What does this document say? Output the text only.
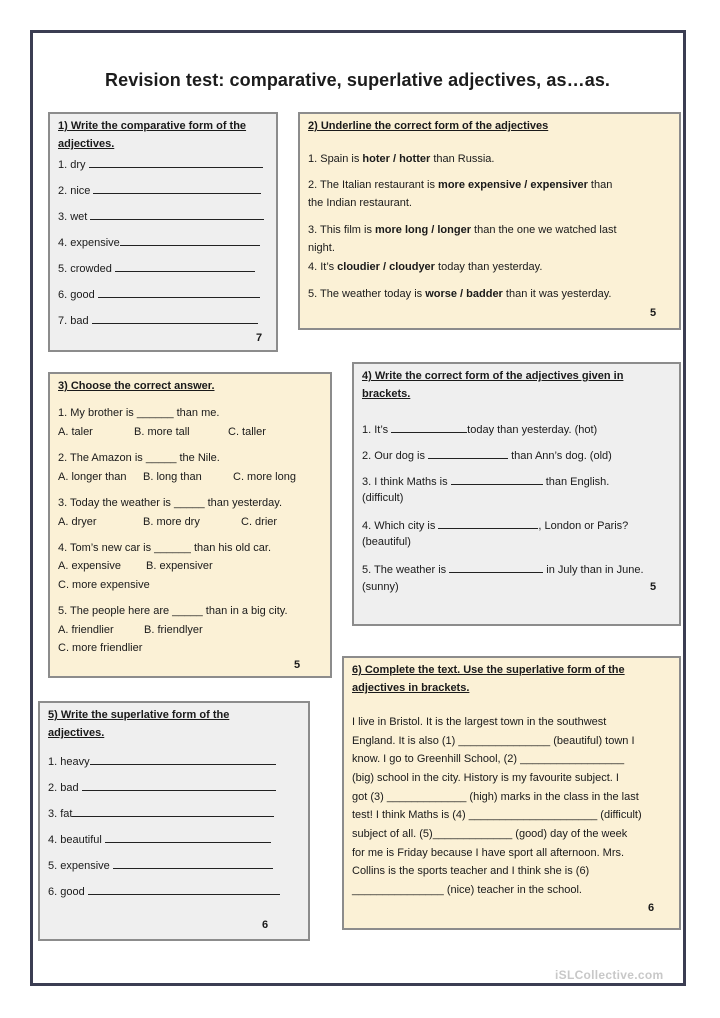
Revision test: comparative, superlative adjectives, as…as.
1) Write the comparative form of the
adjectives.
1. dry
2. nice
3. wet
4. expensive
5. crowded
6. good
7. bad
7
2) Underline the correct form of the adjectives
1. Spain is hoter / hotter than Russia.
2. The Italian restaurant is more expensive / expensiver than
the Indian restaurant.
3. This film is more long / longer than the one we watched last
night.
4. It’s cloudier / cloudyer today than yesterday.
5. The weather today is worse / badder than it was yesterday.
5
3) Choose the correct answer.
1. My brother is ______ than me.
A. taler	B. more tall	C. taller
2. The Amazon is _____ the Nile.
A. longer than B. long than	C. more long
3. Today the weather is _____ than yesterday.
A. dryer	B. more dry	C. drier
4. Tom’s new car is ______ than his old car.
A. expensive B. expensiver
C. more expensive
5. The people here are _____ than in a big city.
A. friendlier	B. friendlyer
C. more friendlier
5
4) Write the correct form of the adjectives given in
brackets.
1. It’s	today than yesterday. (hot)
2. Our dog is	than Ann’s dog. (old)
3. I think Maths is	than English.
(difficult)
4. Which city is	, London or Paris?
(beautiful)
5. The weather is	in July than in June.
(sunny)	5
5) Write the superlative form of the
adjectives.
1. heavy
2. bad
3. fat
4. beautiful
5. expensive
6. good
6
6) Complete the text. Use the superlative form of the
adjectives in brackets.
I live in Bristol. It is the largest town in the southwest
England. It is also (1) _______________ (beautiful) town I
know. I go to Greenhill School, (2) _________________
(big) school in the city. History is my favourite subject. I
got (3) _____________ (high) marks in the class in the last
test! I think Maths is (4) _____________________ (difficult)
subject of all. (5)_____________ (good) day of the week
for me is Friday because I have sport all afternoon. Mrs.
Collins is the sports teacher and I think she is (6)
_______________ (nice) teacher in the school.
6
iSLCollective.com
